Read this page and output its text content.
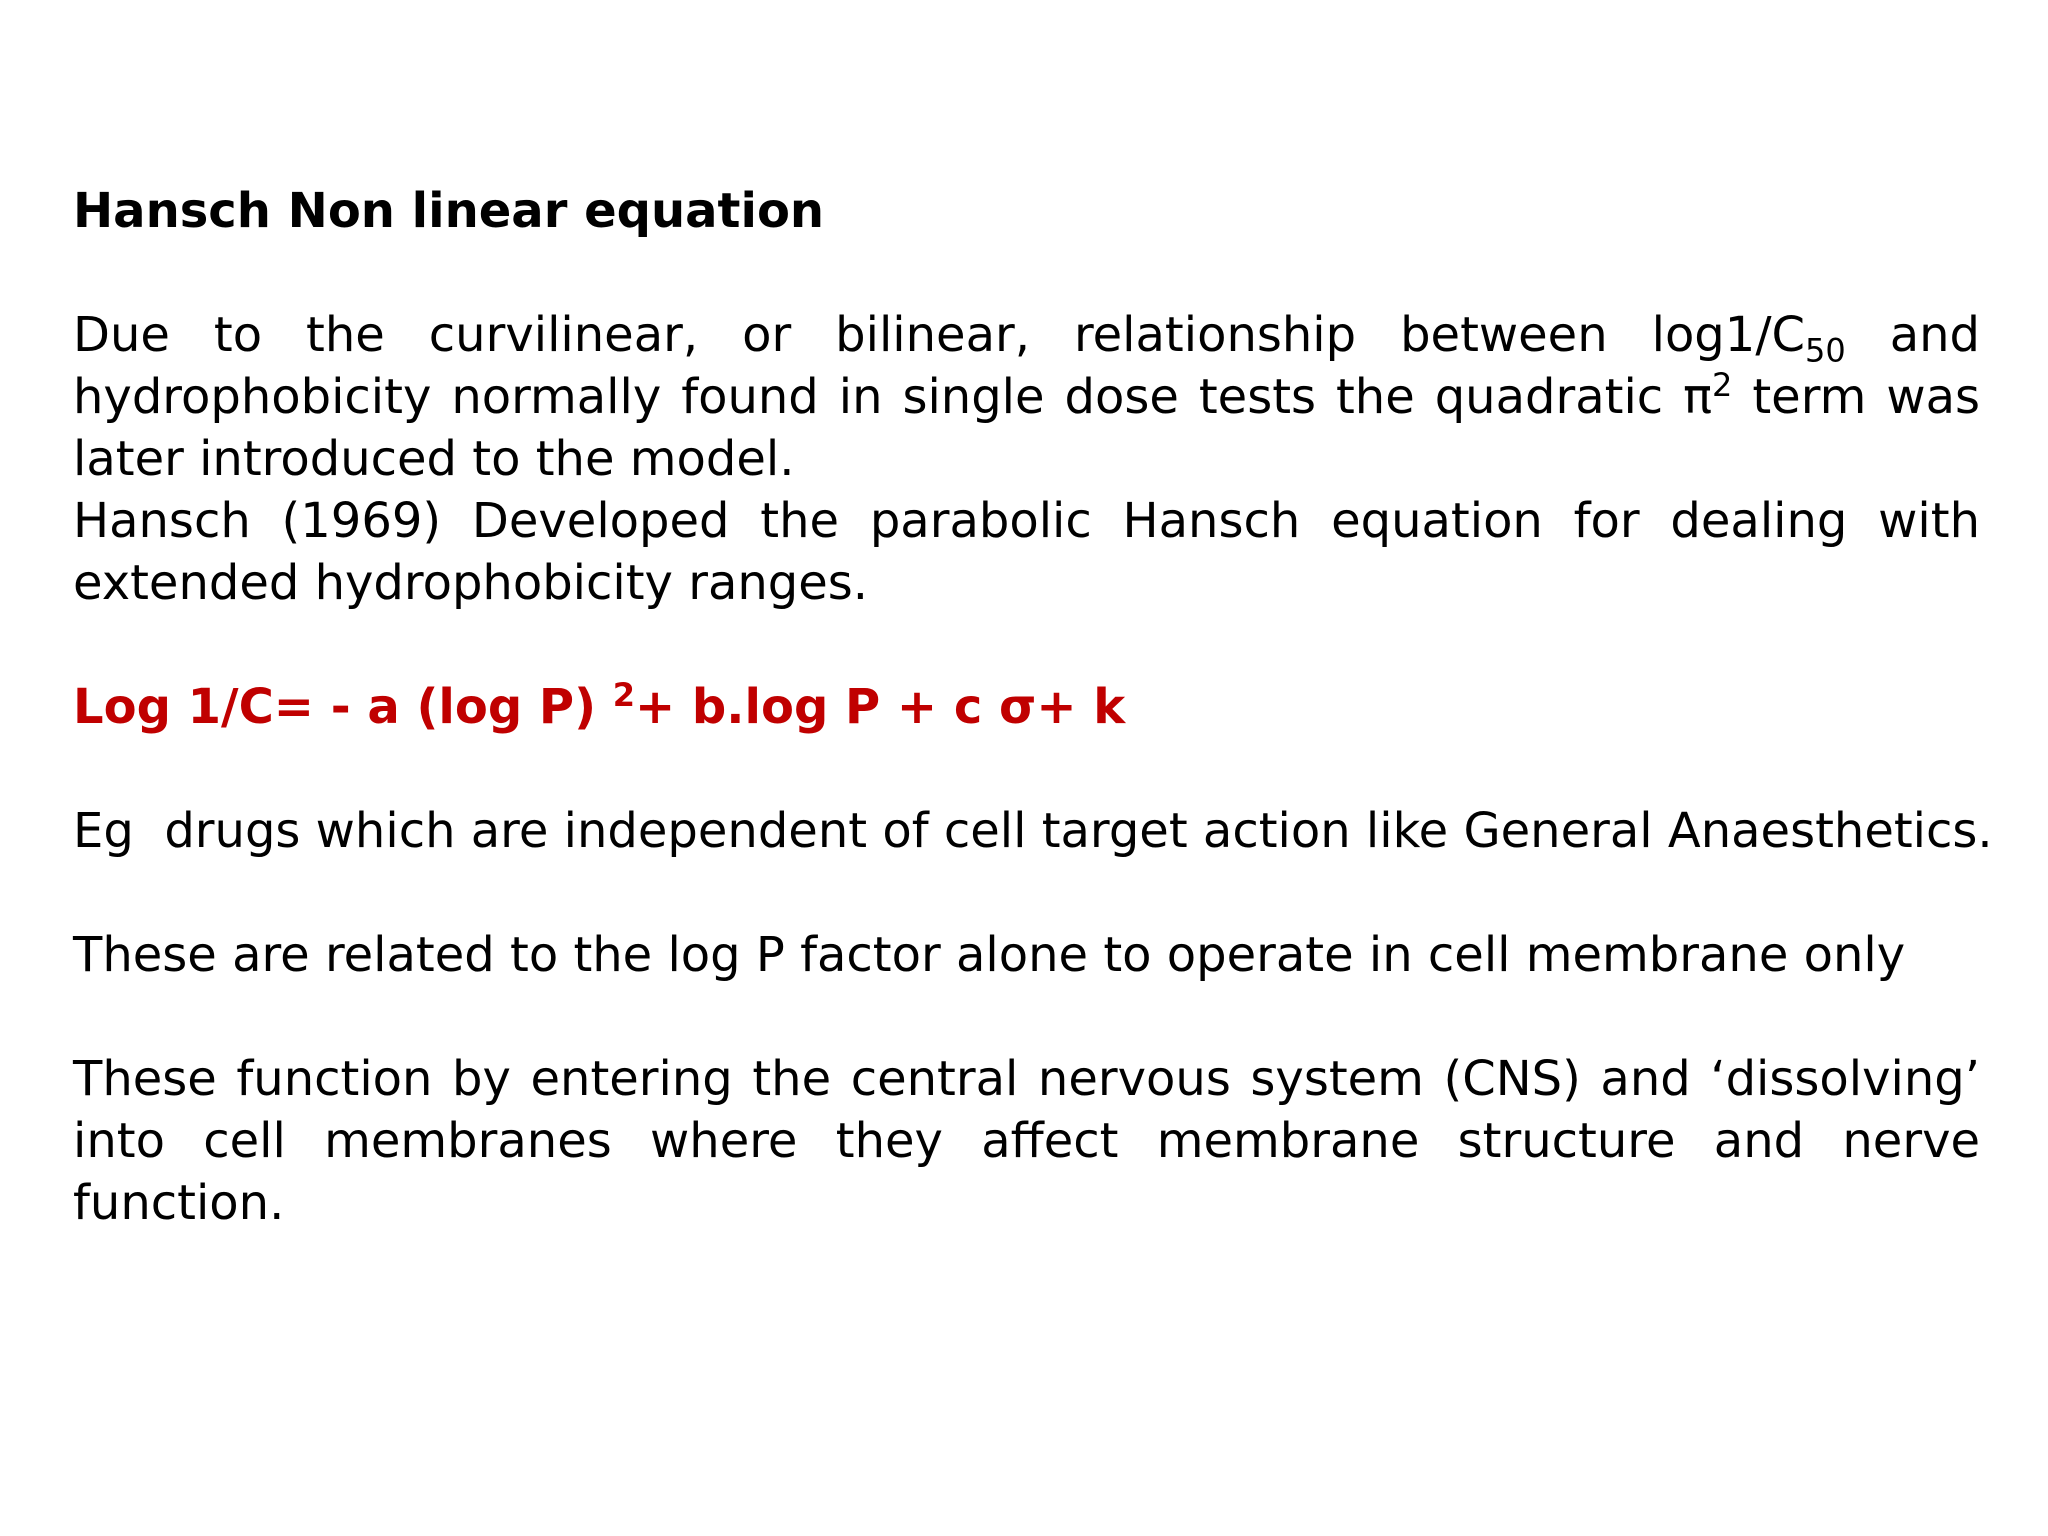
Hansch Non linear equation
Due to the curvilinear, or bilinear, relationship between $\log 1/C_{50}$ and hydrophobicity normally found in single dose tests the quadratic $\pi^2$ term was later introduced to the model.
Hansch (1969) Developed the parabolic Hansch equation for dealing with extended hydrophobicity ranges.
Log 1/C= - a (log P) $^2$+ b.log P + c σ+ k
Eg  drugs which are independent of cell target action like General Anaesthetics.
These are related to the log P factor alone to operate in cell membrane only
These function by entering the central nervous system (CNS) and ‘dissolving’ into cell membranes where they affect membrane structure and nerve function.
